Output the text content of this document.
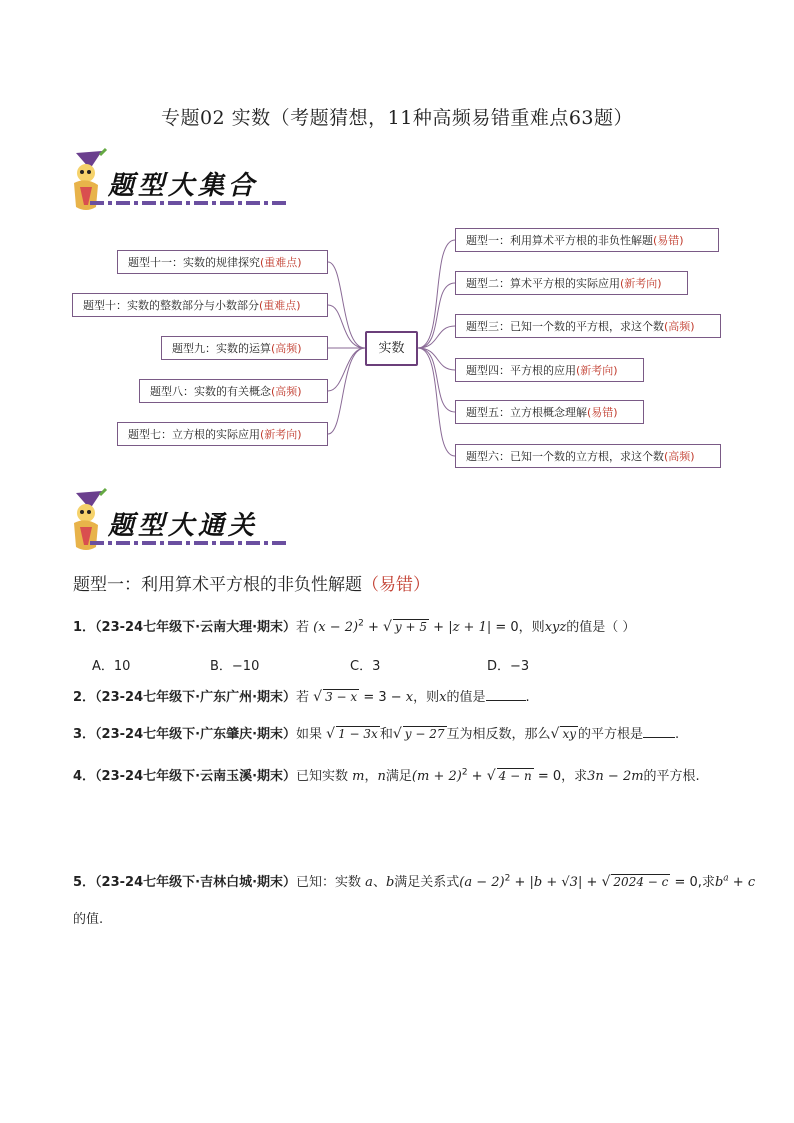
专题02 实数（考题猜想，11种高频易错重难点63题）
题型大集合
实数
题型十一：实数的规律探究(重难点)
题型十：实数的整数部分与小数部分(重难点)
题型九：实数的运算(高频)
题型八：实数的有关概念(高频)
题型七：立方根的实际应用(新考向)
题型一：利用算术平方根的非负性解题(易错)
题型二：算术平方根的实际应用(新考向)
题型三：已知一个数的平方根，求这个数(高频)
题型四：平方根的应用(新考向)
题型五：立方根概念理解(易错)
题型六：已知一个数的立方根，求这个数(高频)
题型大通关
题型一：利用算术平方根的非负性解题（易错）
1．（23-24七年级下·云南大理·期末）若 $(x - 2)^2$ + √ y + 5 + |z + 1| = 0，则xyz的值是（ ）
A．10	B．−10	C．3	D．−3
2．（23-24七年级下·广东广州·期末）若 √ 3 − x = 3 − x，则x的值是	.
3．（23-24七年级下·广东肇庆·期末）如果 √ 1 − 3x 和√ y − 27 互为相反数，那么√ xy 的平方根是 .
4．（23-24七年级下·云南玉溪·期末）已知实数 m，n满足$(m + 2)^2$ + √ 4 − n = 0，求3n − 2m的平方根.
5．（23-24七年级下·吉林白城·期末）已知：实数 a、b满足关系式$(a - 2)^2 + |b + √3|$ + √ 2024 − c = 0,求$b^a + c$
的值.
